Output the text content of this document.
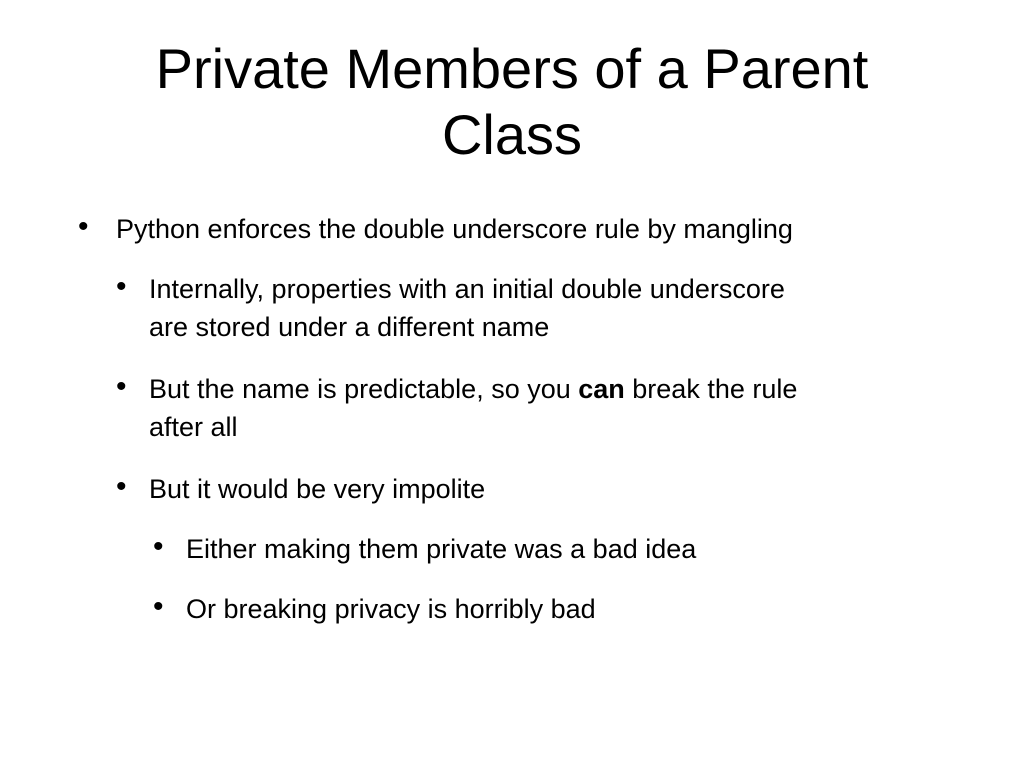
Private Members of a Parent
Class
• Python enforces the double underscore rule by mangling

• Internally, properties with an initial double underscore
are stored under a different name

• But the name is predictable, so you can break the rule
after all

• But it would be very impolite

• Either making them private was a bad idea

• Or breaking privacy is horribly bad
